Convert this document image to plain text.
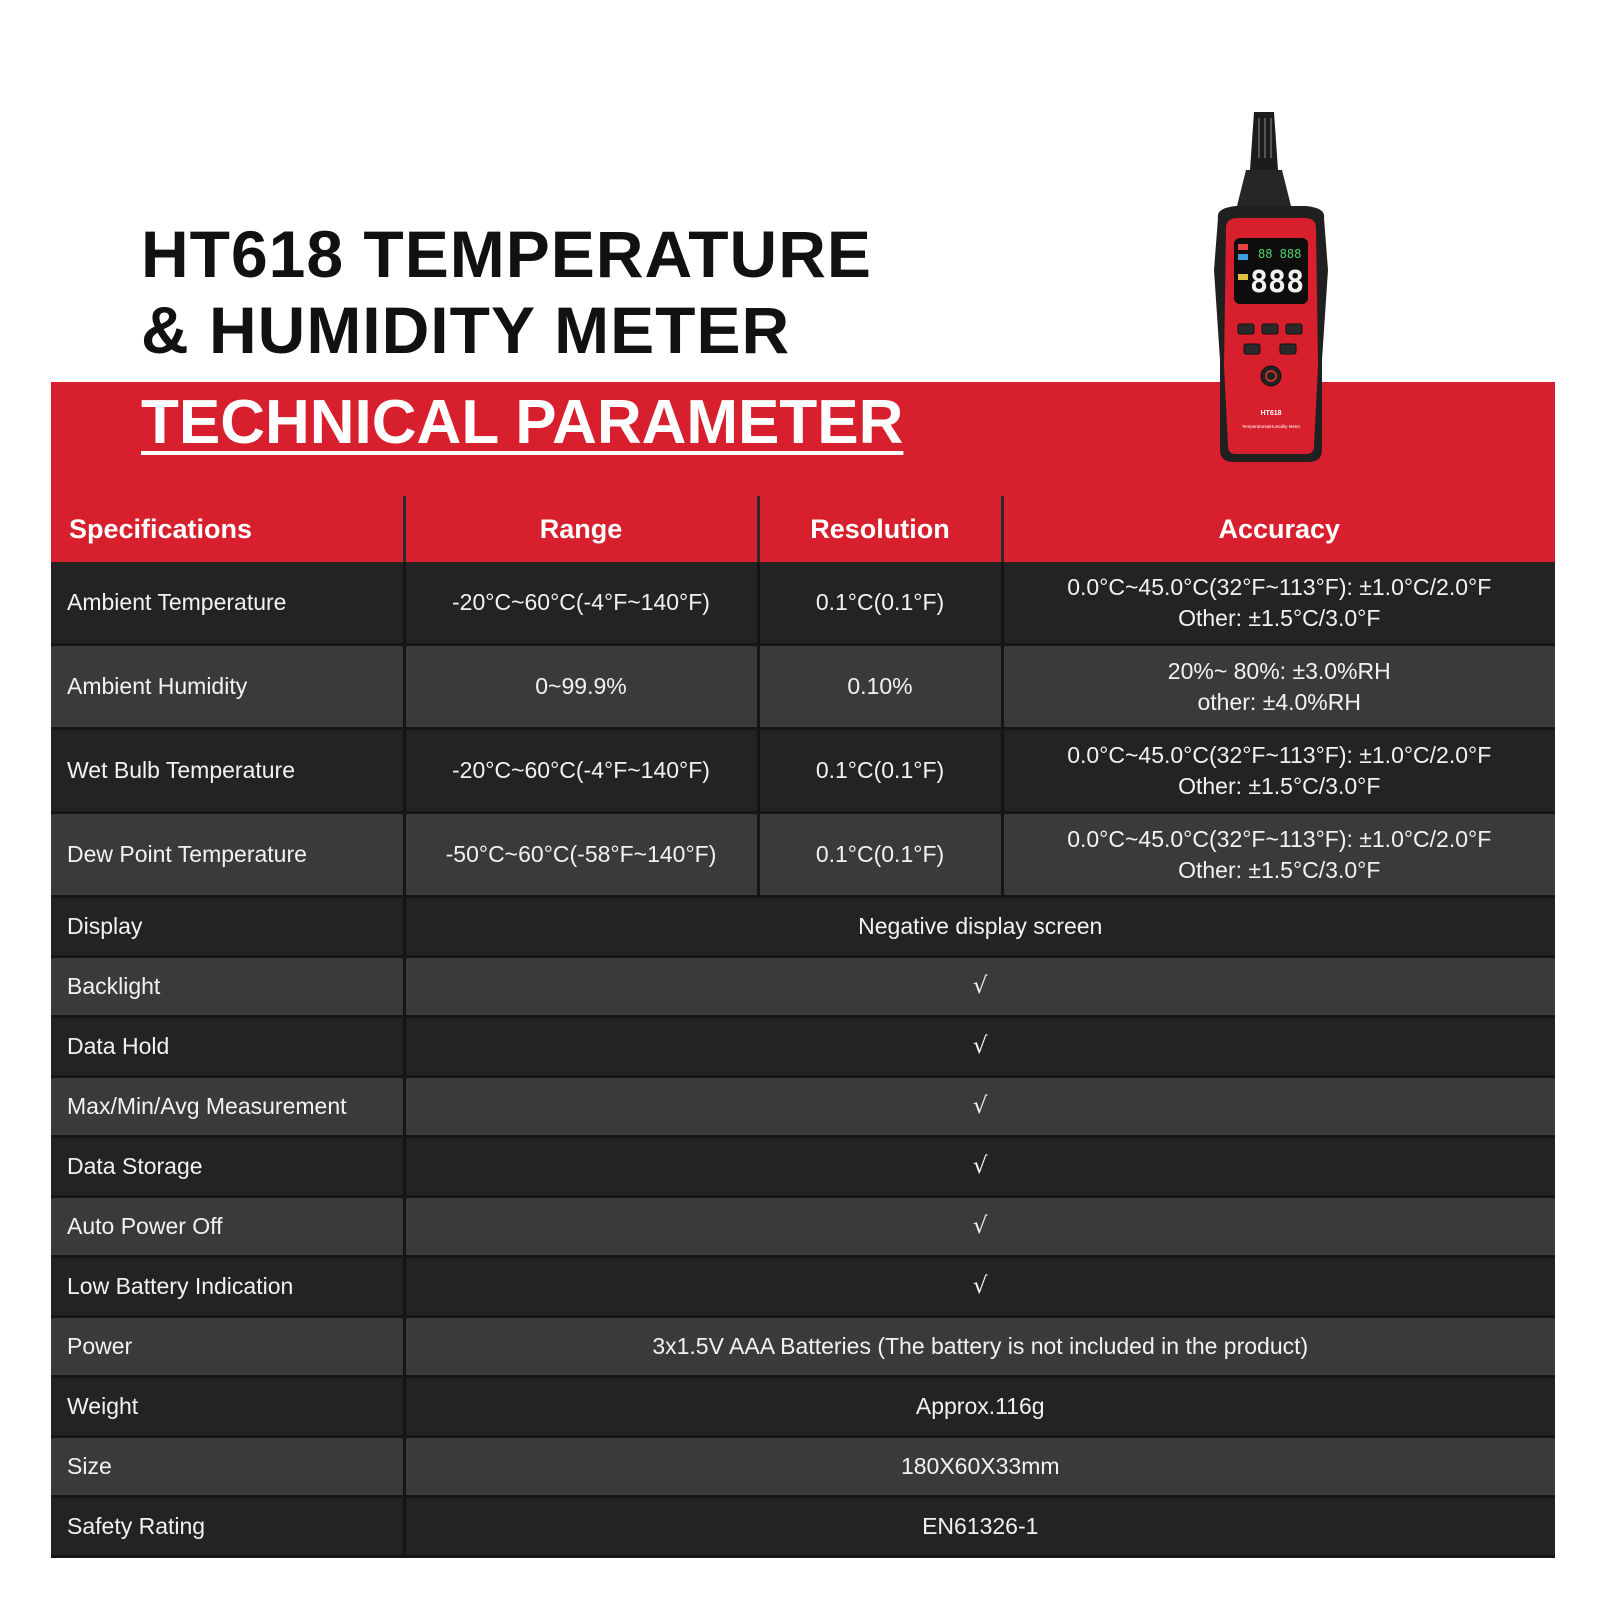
HT618 TEMPERATURE
& HUMIDITY METER
TECHNICAL PARAMETER
88 888
888
HT618
Temperature&Humidity Meter
Specifications	Range	Resolution	Accuracy
Ambient Temperature	-20°C~60°C(-4°F~140°F)	0.1°C(0.1°F)	0.0°C~45.0°C(32°F~113°F): ±1.0°C/2.0°F
Other: ±1.5°C/3.0°F

Ambient Humidity	0~99.9%	0.10%	20%~ 80%: ±3.0%RH
other: ±4.0%RH

Wet Bulb Temperature	-20°C~60°C(-4°F~140°F)	0.1°C(0.1°F)	0.0°C~45.0°C(32°F~113°F): ±1.0°C/2.0°F
Other: ±1.5°C/3.0°F

Dew Point Temperature	-50°C~60°C(-58°F~140°F)	0.1°C(0.1°F)	0.0°C~45.0°C(32°F~113°F): ±1.0°C/2.0°F
Other: ±1.5°C/3.0°F

Display	Negative display screen		
Backlight	√		
Data Hold	√		
Max/Min/Avg Measurement	√		
Data Storage	√		
Auto Power Off	√		
Low Battery Indication	√		
Power	3x1.5V AAA Batteries (The battery is not included in the product)		
Weight	Approx.116g		
Size	180X60X33mm		
Safety Rating	EN61326-1		
